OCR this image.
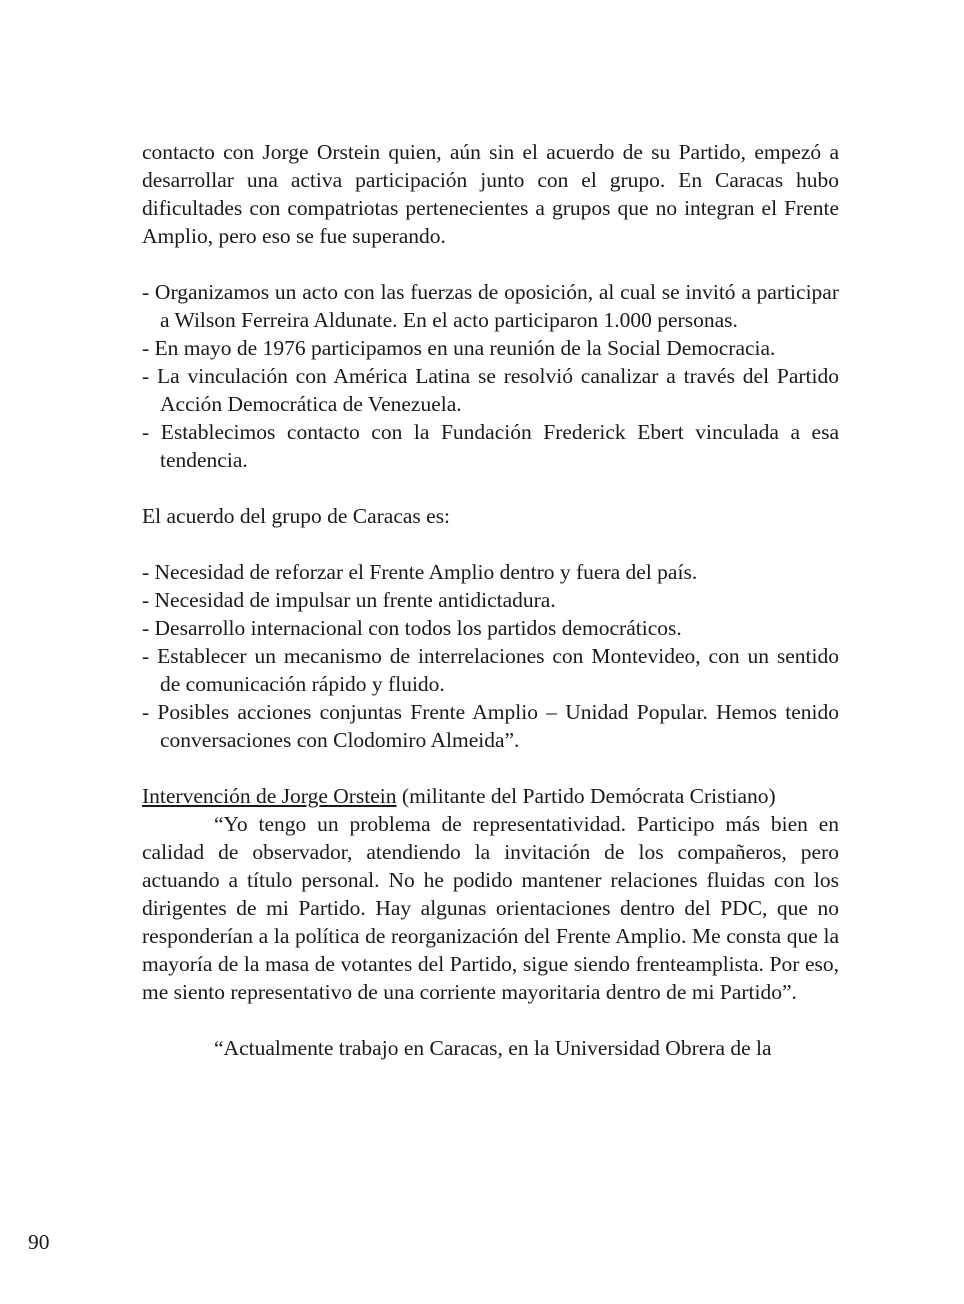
contacto con Jorge Orstein quien, aún sin el acuerdo de su Partido, empezó a desarrollar una activa participación junto con el grupo. En Caracas hubo dificultades con compatriotas pertenecientes a grupos que no integran el Frente Amplio, pero eso se fue superando.

- Organizamos un acto con las fuerzas de oposición, al cual se invitó a participar a Wilson Ferreira Aldunate. En el acto participaron 1.000 personas.
- En mayo de 1976 participamos en una reunión de la Social Democracia.
- La vinculación con América Latina se resolvió canalizar a través del Partido Acción Democrática de Venezuela.
- Establecimos contacto con la Fundación Frederick Ebert vinculada a esa tendencia.

El acuerdo del grupo de Caracas es:

- Necesidad de reforzar el Frente Amplio dentro y fuera del país.
- Necesidad de impulsar un frente antidictadura.
- Desarrollo internacional con todos los partidos democráticos.
- Establecer un mecanismo de interrelaciones con Montevideo, con un sentido de comunicación rápido y fluido.
- Posibles acciones conjuntas Frente Amplio – Unidad Popular. Hemos tenido conversaciones con Clodomiro Almeida”.

Intervención de Jorge Orstein (militante del Partido Demócrata Cristiano)

“Yo tengo un problema de representatividad. Participo más bien en calidad de observador, atendiendo la invitación de los compañeros, pero actuando a título personal. No he podido mantener relaciones fluidas con los dirigentes de mi Partido. Hay algunas orientaciones dentro del PDC, que no responderían a la política de reorganización del Frente Amplio. Me consta que la mayoría de la masa de votantes del Partido, sigue siendo frenteamplista. Por eso, me siento representativo de una corriente mayoritaria dentro de mi Partido”.

“Actualmente trabajo en Caracas, en la Universidad Obrera de la

90
